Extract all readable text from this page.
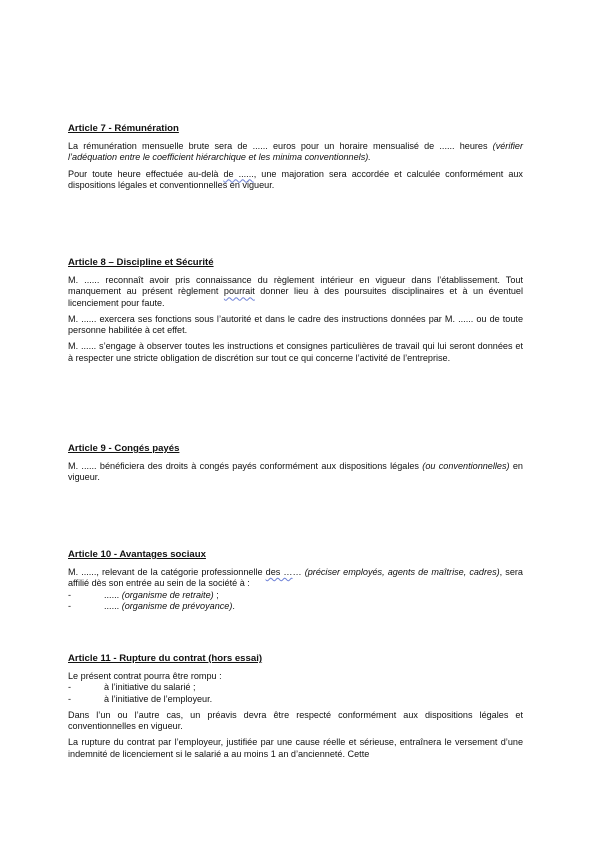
Article 7 - Rémunération

La rémunération mensuelle brute sera de ...... euros pour un horaire mensualisé de ...... heures (vérifier l’adéquation entre le coefficient hiérarchique et les minima conventionnels).

Pour toute heure effectuée au-delà de ......, une majoration sera accordée et calculée conformément aux dispositions légales et conventionnelles en vigueur.

Article 8 – Discipline et Sécurité

M. ...... reconnaît avoir pris connaissance du règlement intérieur en vigueur dans l’établissement. Tout manquement au présent règlement pourrait donner lieu à des poursuites disciplinaires et à un éventuel licenciement pour faute.

M. ...... exercera ses fonctions sous l’autorité et dans le cadre des instructions données par M. ...... ou de toute personne habilitée à cet effet.

M. ...... s’engage à observer toutes les instructions et consignes particulières de travail qui lui seront données et à respecter une stricte obligation de discrétion sur tout ce qui concerne l’activité de l’entreprise.

Article 9 - Congés payés

M. ...... bénéficiera des droits à congés payés conformément aux dispositions légales (ou conventionnelles) en vigueur.

Article 10 - Avantages sociaux

M. ......, relevant de la catégorie professionnelle des …… (préciser employés, agents de maîtrise, cadres), sera affilié dès son entrée au sein de la société à :

-	...... (organisme de retraite) ;
-	...... (organisme de prévoyance).
Article 11 - Rupture du contrat (hors essai)

Le présent contrat pourra être rompu :

-	à l’initiative du salarié ;
-	à l’initiative de l’employeur.

Dans l’un ou l’autre cas, un préavis devra être respecté conformément aux dispositions légales et conventionnelles en vigueur.

La rupture du contrat par l’employeur, justifiée par une cause réelle et sérieuse, entraînera le versement d’une indemnité de licenciement si le salarié a au moins 1 an d’ancienneté. Cette
